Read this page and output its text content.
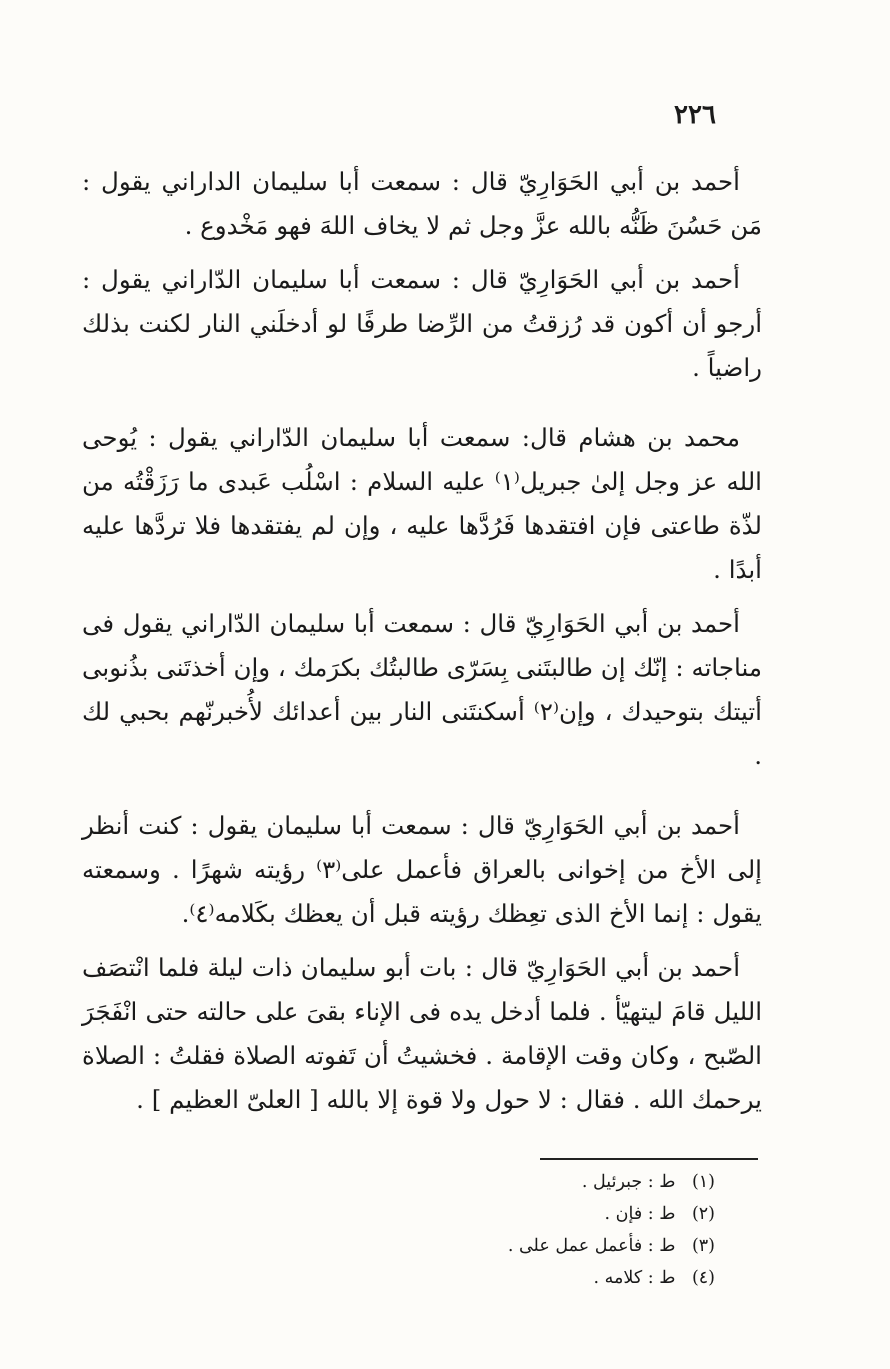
٢٢٦

أحمد بن أبي الحَوَارِيّ قال : سمعت أبا سليمان الداراني يقول : مَن حَسُنَ ظَنُّه بالله عزَّ وجل ثم لا يخاف اللهَ فهو مَخْدوع .

أحمد بن أبي الحَوَارِيّ قال : سمعت أبا سليمان الدّاراني يقول : أرجو أن أكون قد رُزقتُ من الرِّضا طرفًا لو أدخلَني النار لكنت بذلك راضياً .

محمد بن هشام قال: سمعت أبا سليمان الدّاراني يقول : يُوحى الله عز وجل إلىٰ جبريل⁽١⁾ عليه السلام : اسْلُب عَبدى ما رَزَقْتُه من لذّة طاعتى فإن افتقدها فَرُدَّها عليه ، وإن لم يفتقدها فلا تردَّها عليه أبدًا .

أحمد بن أبي الحَوَارِيّ قال : سمعت أبا سليمان الدّاراني يقول فى مناجاته : إنّك إن طالبتَنى بِسَرّى طالبتُك بكرَمك ، وإن أخذتَنى بذُنوبى أتيتك بتوحيدك ، وإن⁽٢⁾ أسكنتَنى النار بين أعدائك لأُخبرنّهم بحبي لك .

أحمد بن أبي الحَوَارِيّ قال : سمعت أبا سليمان يقول : كنت أنظر إلى الأخ من إخوانى بالعراق فأعمل على⁽٣⁾ رؤيته شهرًا . وسمعته يقول : إنما الأخ الذى تعِظك رؤيته قبل أن يعظك بكَلامه⁽٤⁾.

أحمد بن أبي الحَوَارِيّ قال : بات أبو سليمان ذات ليلة فلما انْتصَف الليل قامَ ليتهيّأ . فلما أدخل يده فى الإناء بقىَ على حالته حتى انْفَجَرَ الصّبح ، وكان وقت الإقامة . فخشيتُ أن تَفوته الصلاة فقلتُ : الصلاة يرحمك الله . فقال : لا حول ولا قوة إلا بالله [ العلىّ العظيم ] .

(١) ط : جبرئيل .
(٢) ط : فإن .
(٣) ط : فأعمل عمل على .
(٤) ط : كلامه .
